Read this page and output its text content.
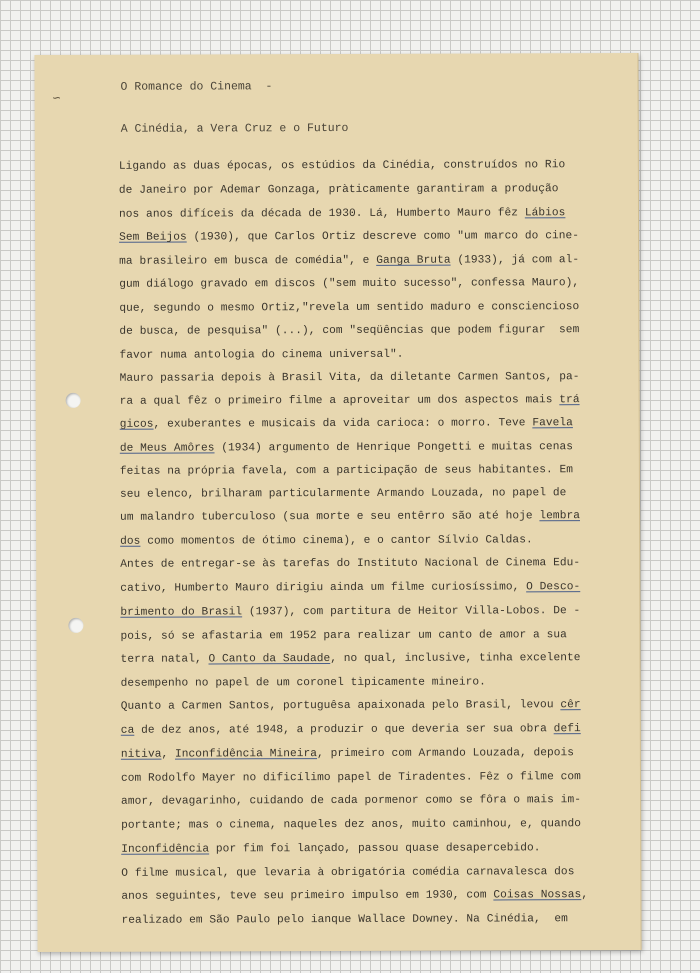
∽
O Romance do Cinema  -
A Cinédia, a Vera Cruz e o Futuro
Ligando as duas épocas, os estúdios da Cinédia, construídos no Rio
de Janeiro por Ademar Gonzaga, pràticamente garantiram a produção
nos anos difíceis da década de 1930. Lá, Humberto Mauro fêz Lábios
Sem Beijos (1930), que Carlos Ortiz descreve como "um marco do cine-
ma brasileiro em busca de comédia", e Ganga Bruta (1933), já com al-
gum diálogo gravado em discos ("sem muito sucesso", confessa Mauro),
que, segundo o mesmo Ortiz,"revela um sentido maduro e consciencioso
de busca, de pesquisa" (...), com "seqüências que podem figurar  sem
favor numa antologia do cinema universal".
Mauro passaria depois à Brasil Vita, da diletante Carmen Santos, pa-
ra a qual fêz o primeiro filme a aproveitar um dos aspectos mais trá
gicos, exuberantes e musicais da vida carioca: o morro. Teve Favela
de Meus Amôres (1934) argumento de Henrique Pongetti e muitas cenas
feitas na própria favela, com a participação de seus habitantes. Em
seu elenco, brilharam particularmente Armando Louzada, no papel de
um malandro tuberculoso (sua morte e seu entêrro são até hoje lembra
dos como momentos de ótimo cinema), e o cantor Sílvio Caldas.
Antes de entregar-se às tarefas do Instituto Nacional de Cinema Edu-
cativo, Humberto Mauro dirigiu ainda um filme curiosíssimo, O Desco-
brimento do Brasil (1937), com partitura de Heitor Villa-Lobos. De -
pois, só se afastaria em 1952 para realizar um canto de amor a sua
terra natal, O Canto da Saudade, no qual, inclusive, tinha excelente
desempenho no papel de um coronel tìpicamente mineiro.
Quanto a Carmen Santos, portuguêsa apaixonada pelo Brasil, levou cêr
ca de dez anos, até 1948, a produzir o que deveria ser sua obra defi
nitiva, Inconfidência Mineira, primeiro com Armando Louzada, depois
com Rodolfo Mayer no dificílimo papel de Tiradentes. Fêz o filme com
amor, devagarinho, cuidando de cada pormenor como se fôra o mais im-
portante; mas o cinema, naqueles dez anos, muito caminhou, e, quando
Inconfidência por fim foi lançado, passou quase desapercebido.
O filme musical, que levaria à obrigatória comédia carnavalesca dos
anos seguintes, teve seu primeiro impulso em 1930, com Coisas Nossas,
realizado em São Paulo pelo ianque Wallace Downey. Na Cinédia,  em
